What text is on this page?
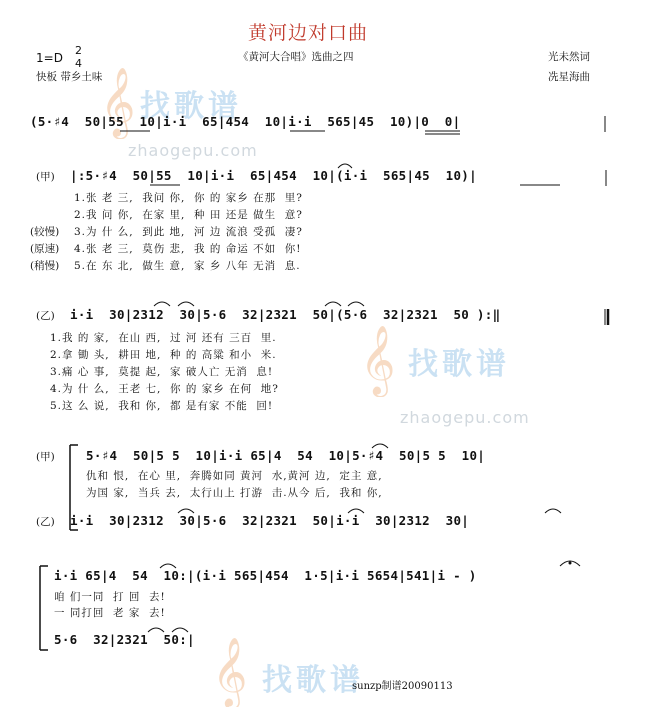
𝄞 找歌谱
zhaogepu.com
𝄞 找歌谱
zhaogepu.com
𝄞 找歌谱
黄河边对口曲
1=D
2
4
快板 带乡土味
《黄河大合唱》选曲之四	光未然词
冼星海曲
(5·♯4  50|55  10|i·i  65|454  10|i·i  565|45  10)|0  0|
(甲) |:5·♯4  50|55  10|i·i  65|454  10|(i·i  565|45  10)|
1.张 老 三,  我问 你,  你 的 家乡 在那  里?
2.我 问 你,  在家 里,  种 田 还是 做生  意?
(较慢) 3.为 什 么,  到此 地,  河 边 流浪 受孤  凄?
(原速) 4.张 老 三,  莫伤 悲,  我 的 命运 不如  你!
(稍慢) 5.在 东 北,  做生 意,  家 乡 八年 无消  息.
(乙) i·i  30|2312  30|5·6  32|2321  50|(5·6  32|2321  50 ):‖
1.我 的 家,  在山 西,  过 河 还有 三百  里.
2.拿 锄 头,  耕田 地,  种 的 高粱 和小  米.
3.痛 心 事,  莫提 起,  家 破人亡 无消  息!
4.为 什 么,  王老 七,  你 的 家乡 在何  地?
5.这 么 说,  我和 你,  都 是有家 不能  回!
(甲)	5·♯4  50|5 5  10|i·i 65|4  54  10|5·♯4  50|5 5  10|
仇和 恨,  在心 里,  奔腾如同 黄河  水,黄河 边,  定主 意,
为国 家,  当兵 去,  太行山上 打游  击.从今 后,  我和 你,
(乙) i·i  30|2312  30|5·6  32|2321  50|i·i  30|2312  30|
i·i 65|4  54  10:|(i·i 565|454  1·5|i·i 5654|541|i - )
咱 们一同  打 回  去!
一 同打回  老 家  去!
5·6  32|2321  50:|
sunzp制谱20090113
